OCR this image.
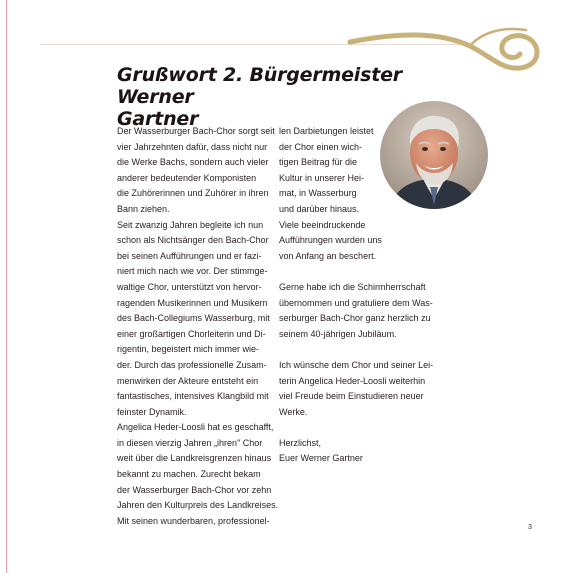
Grußwort 2. Bürgermeister Werner
Gartner

Der Wasserburger Bach-Chor sorgt seit

vier Jahrzehnten dafür, dass nicht nur

die Werke Bachs, sondern auch vieler

anderer bedeutender Komponisten

die Zuhörerinnen und Zuhörer in ihren

Bann ziehen.

Seit zwanzig Jahren begleite ich nun

schon als Nichtsänger den Bach-Chor

bei seinen Aufführungen und er fazi-

niert mich nach wie vor. Der stimmge-

waltige Chor, unterstützt von hervor-

ragenden Musikerinnen und Musikern

des Bach-Collegiums Wasserburg, mit

einer großartigen Chorleiterin und Di-

rigentin, begeistert mich immer wie-

der. Durch das professionelle Zusam-

menwirken der Akteure entsteht ein

fantastisches, intensives Klangbild mit

feinster Dynamik.

Angelica Heder-Loosli hat es geschafft,

in diesen vierzig Jahren „ihren" Chor

weit über die Landkreisgrenzen hinaus

bekannt zu machen. Zurecht bekam

der Wasserburger Bach-Chor vor zehn

Jahren den Kulturpreis des Landkreises.

Mit seinen wunderbaren, professionel-

len Darbietungen leistet

der Chor einen wich-

tigen Beitrag für die

Kultur in unserer Hei-

mat, in Wasserburg

und darüber hinaus.

Viele beeindruckende

Aufführungen wurden uns

von Anfang an beschert.

Gerne habe ich die Schirmherrschaft

übernommen und gratuliere dem Was-

serburger Bach-Chor ganz herzlich zu

seinem 40-jährigen Jubiläum.

Ich wünsche dem Chor und seiner Lei-

terin Angelica Heder-Loosli weiterhin

viel Freude beim Einstudieren neuer

Werke.

Herzlichst,

Euer Werner Gartner

3
